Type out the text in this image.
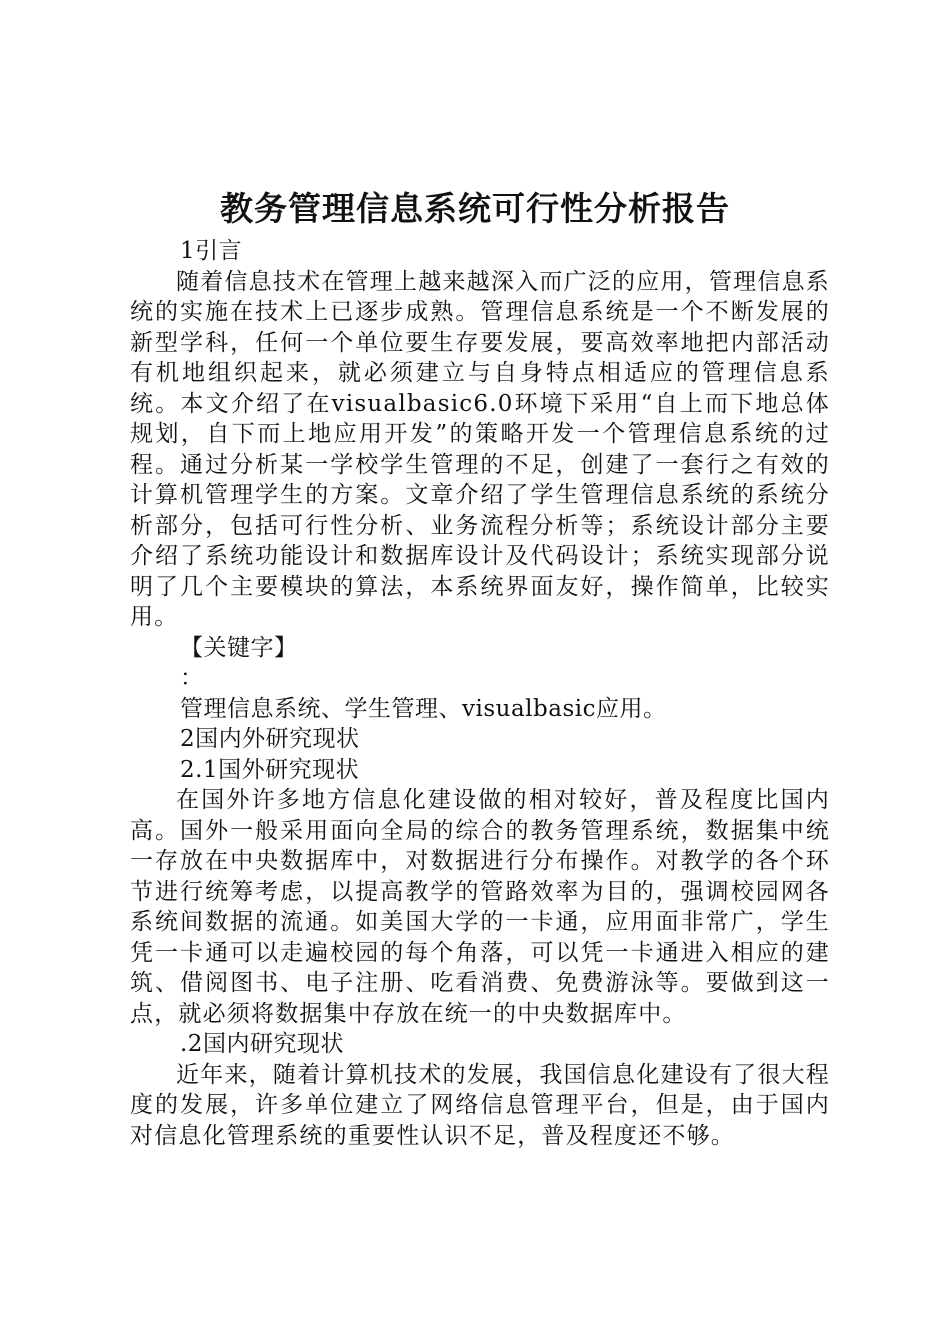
教务管理信息系统可行性分析报告

1引言

随着信息技术在管理上越来越深入而广泛的应用，管理信息系统的实施在技术上已逐步成熟。管理信息系统是一个不断发展的新型学科，任何一个单位要生存要发展，要高效率地把内部活动有机地组织起来，就必须建立与自身特点相适应的管理信息系统。本文介绍了在visualbasic6.0环境下采用“自上而下地总体规划，自下而上地应用开发”的策略开发一个管理信息系统的过程。通过分析某一学校学生管理的不足，创建了一套行之有效的计算机管理学生的方案。文章介绍了学生管理信息系统的系统分析部分，包括可行性分析、业务流程分析等；系统设计部分主要介绍了系统功能设计和数据库设计及代码设计；系统实现部分说明了几个主要模块的算法，本系统界面友好，操作简单，比较实用。

【关键字】

：

管理信息系统、学生管理、visualbasic应用。

2国内外研究现状

2.1国外研究现状

在国外许多地方信息化建设做的相对较好，普及程度比国内高。国外一般采用面向全局的综合的教务管理系统，数据集中统一存放在中央数据库中，对数据进行分布操作。对教学的各个环节进行统筹考虑，以提高教学的管路效率为目的，强调校园网各系统间数据的流通。如美国大学的一卡通，应用面非常广，学生凭一卡通可以走遍校园的每个角落，可以凭一卡通进入相应的建筑、借阅图书、电子注册、吃看消费、免费游泳等。要做到这一点，就必须将数据集中存放在统一的中央数据库中。

.2国内研究现状

近年来，随着计算机技术的发展，我国信息化建设有了很大程度的发展，许多单位建立了网络信息管理平台，但是，由于国内对信息化管理系统的重要性认识不足，普及程度还不够。
